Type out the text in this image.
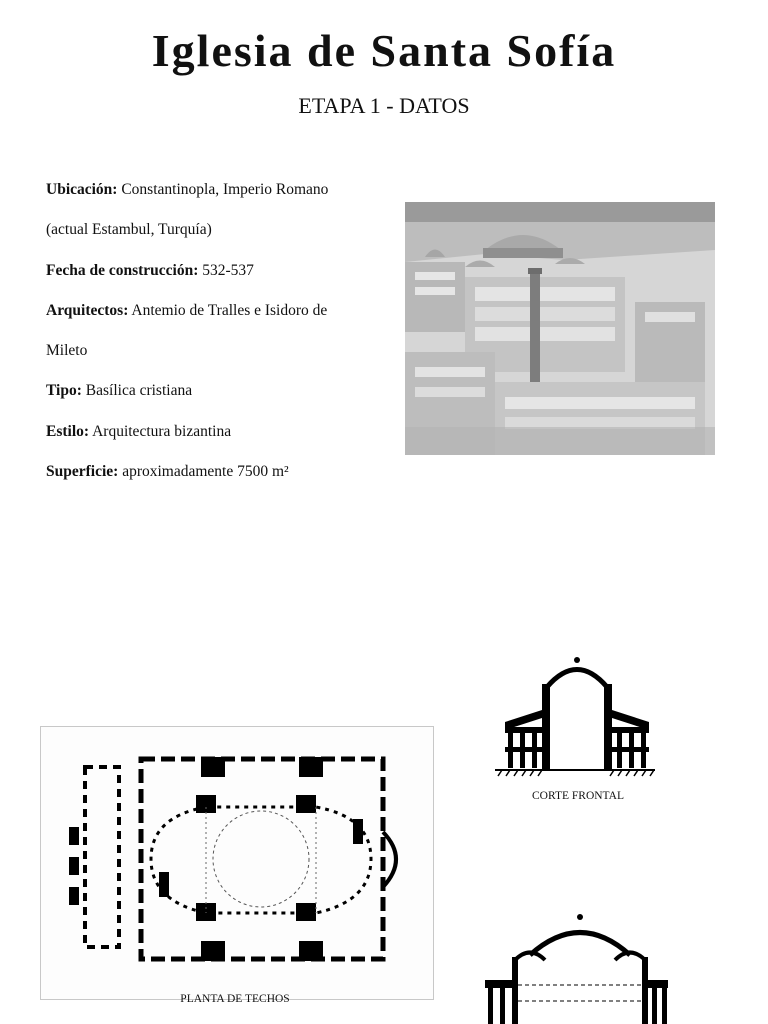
Iglesia de Santa Sofía
ETAPA 1 - DATOS
Ubicación: Constantinopla, Imperio Romano
(actual Estambul, Turquía)
Fecha de construcción: 532-537
Arquitectos: Antemio de Tralles e Isidoro de
Mileto
Tipo: Basílica cristiana
Estilo: Arquitectura bizantina
Superficie: aproximadamente 7500 m²
CORTE FRONTAL
PLANTA DE TECHOS
